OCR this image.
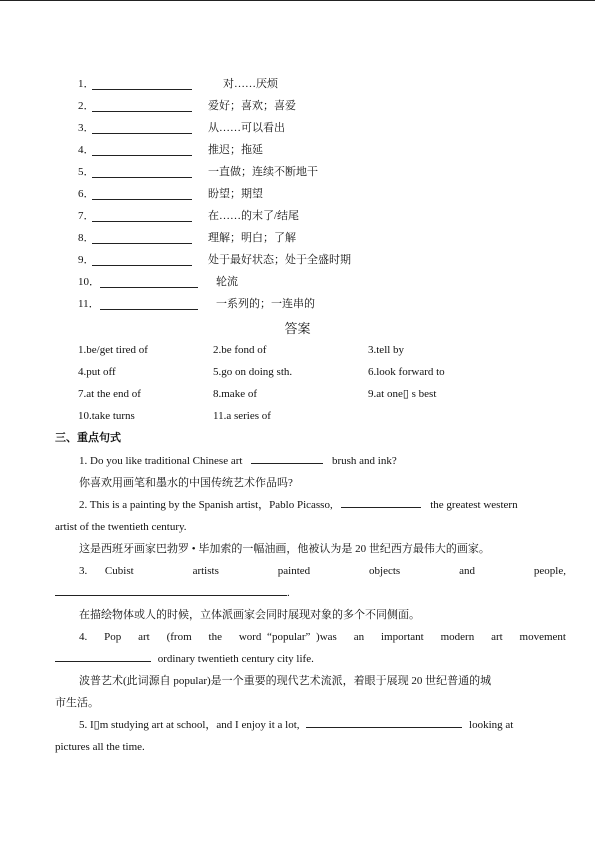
1．	对……厌烦
2．	爱好；喜欢；喜爱
3．	从……可以看出
4．	推迟；拖延
5．	一直做；连续不断地干
6．	盼望；期望
7．	在……的末了/结尾
8．	理解；明白；了解
9．	处于最好状态；处于全盛时期
10．	轮流
11．	一系列的；一连串的
答案
1.be/get tired of	2.be fond of	3.tell by
4.put off	5.go on doing sth.	6.look forward to
7.at the end of	8.make of	9.at one▯ s best
10.take turns	11.a series of
三、重点句式
1. Do you like traditional Chinese art	brush and ink?
你喜欢用画笔和墨水的中国传统艺术作品吗?
2. This is a painting by the Spanish artist，Pablo Picasso,	the greatest western
artist of the twentieth century.
这是西班牙画家巴勃罗 • 毕加索的一幅油画，他被认为是 20 世纪西方最伟大的画家。
3.   Cubist          artists          painted          objects          and          people,
.
在描绘物体或人的时候，立体派画家会同时展现对象的多个不同侧面。
4.   Pop   art   (from   the   word “popular” )was   an   important   modern   art   movement
ordinary twentieth century city life.
波普艺术(此词源自 popular)是一个重要的现代艺术流派，着眼于展现 20 世纪普通的城
市生活。
5. I▯m studying art at school，and I enjoy it a lot,	looking at
pictures all the time.
